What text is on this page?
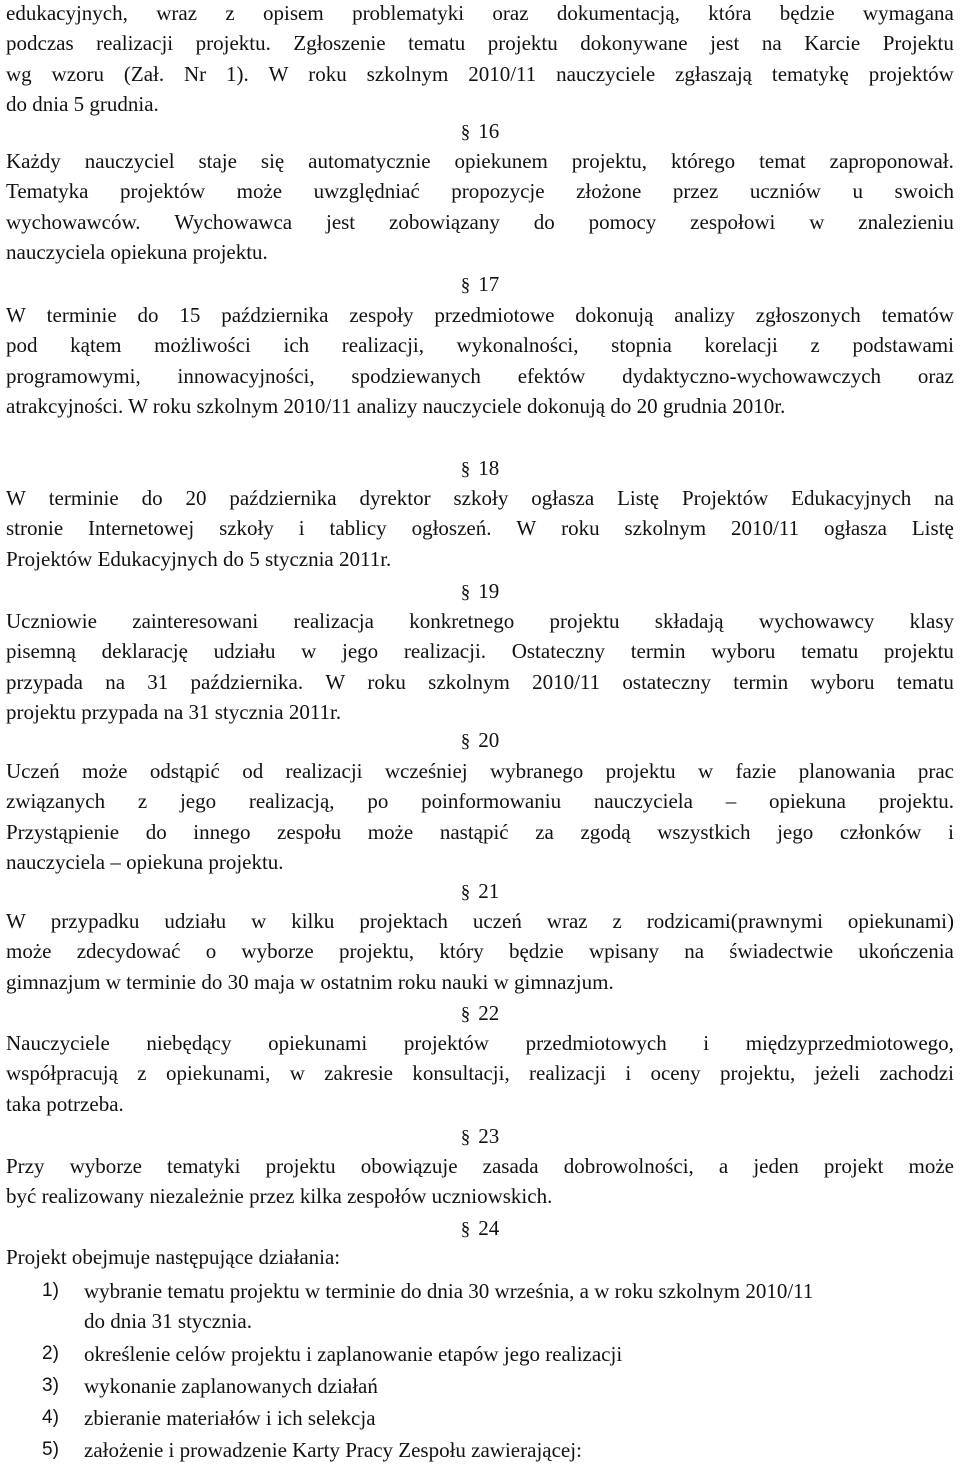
edukacyjnych, wraz z opisem problematyki oraz dokumentacją, która będzie wymagana
podczas realizacji projektu. Zgłoszenie tematu projektu dokonywane jest na Karcie Projektu
wg wzoru (Zał. Nr 1). W roku szkolnym 2010/11 nauczyciele zgłaszają tematykę projektów
do dnia 5 grudnia.
§ 16
Każdy nauczyciel staje się automatycznie opiekunem projektu, którego temat zaproponował.
Tematyka projektów może uwzględniać propozycje złożone przez uczniów u swoich
wychowawców. Wychowawca jest zobowiązany do pomocy zespołowi w znalezieniu
nauczyciela opiekuna projektu.
§ 17
W terminie do 15 października zespoły przedmiotowe dokonują analizy zgłoszonych tematów
pod kątem możliwości ich realizacji, wykonalności, stopnia korelacji z podstawami
programowymi, innowacyjności, spodziewanych efektów dydaktyczno-wychowawczych oraz
atrakcyjności. W roku szkolnym 2010/11 analizy nauczyciele dokonują do 20 grudnia 2010r.
§ 18
W terminie do 20 października dyrektor szkoły ogłasza Listę Projektów Edukacyjnych na
stronie Internetowej szkoły i tablicy ogłoszeń. W roku szkolnym 2010/11 ogłasza Listę
Projektów Edukacyjnych do 5 stycznia 2011r.
§ 19
Uczniowie zainteresowani realizacja konkretnego projektu składają wychowawcy klasy
pisemną deklarację udziału w jego realizacji. Ostateczny termin wyboru tematu projektu
przypada na 31 października. W roku szkolnym 2010/11 ostateczny termin wyboru tematu
projektu przypada na 31 stycznia 2011r.
§ 20
Uczeń może odstąpić od realizacji wcześniej wybranego projektu w fazie planowania prac
związanych z jego realizacją, po poinformowaniu nauczyciela – opiekuna projektu.
Przystąpienie do innego zespołu może nastąpić za zgodą wszystkich jego członków i
nauczyciela – opiekuna projektu.
§ 21
W przypadku udziału w kilku projektach uczeń wraz z rodzicami(prawnymi opiekunami)
może zdecydować o wyborze projektu, który będzie wpisany na świadectwie ukończenia
gimnazjum w terminie do 30 maja w ostatnim roku nauki w gimnazjum.
§ 22
Nauczyciele niebędący opiekunami projektów przedmiotowych i międzyprzedmiotowego,
współpracują z opiekunami, w zakresie konsultacji, realizacji i oceny projektu, jeżeli zachodzi
taka potrzeba.
§ 23
Przy wyborze tematyki projektu obowiązuje zasada dobrowolności, a jeden projekt może
być realizowany niezależnie przez kilka zespołów uczniowskich.
§ 24
Projekt obejmuje następujące działania:
1) wybranie tematu projektu w terminie do dnia 30 września, a w roku szkolnym 2010/11
do dnia 31 stycznia.
2) określenie celów projektu i zaplanowanie etapów jego realizacji
3) wykonanie zaplanowanych działań
4) zbieranie materiałów i ich selekcja
5) założenie i prowadzenie Karty Pracy Zespołu zawierającej:
